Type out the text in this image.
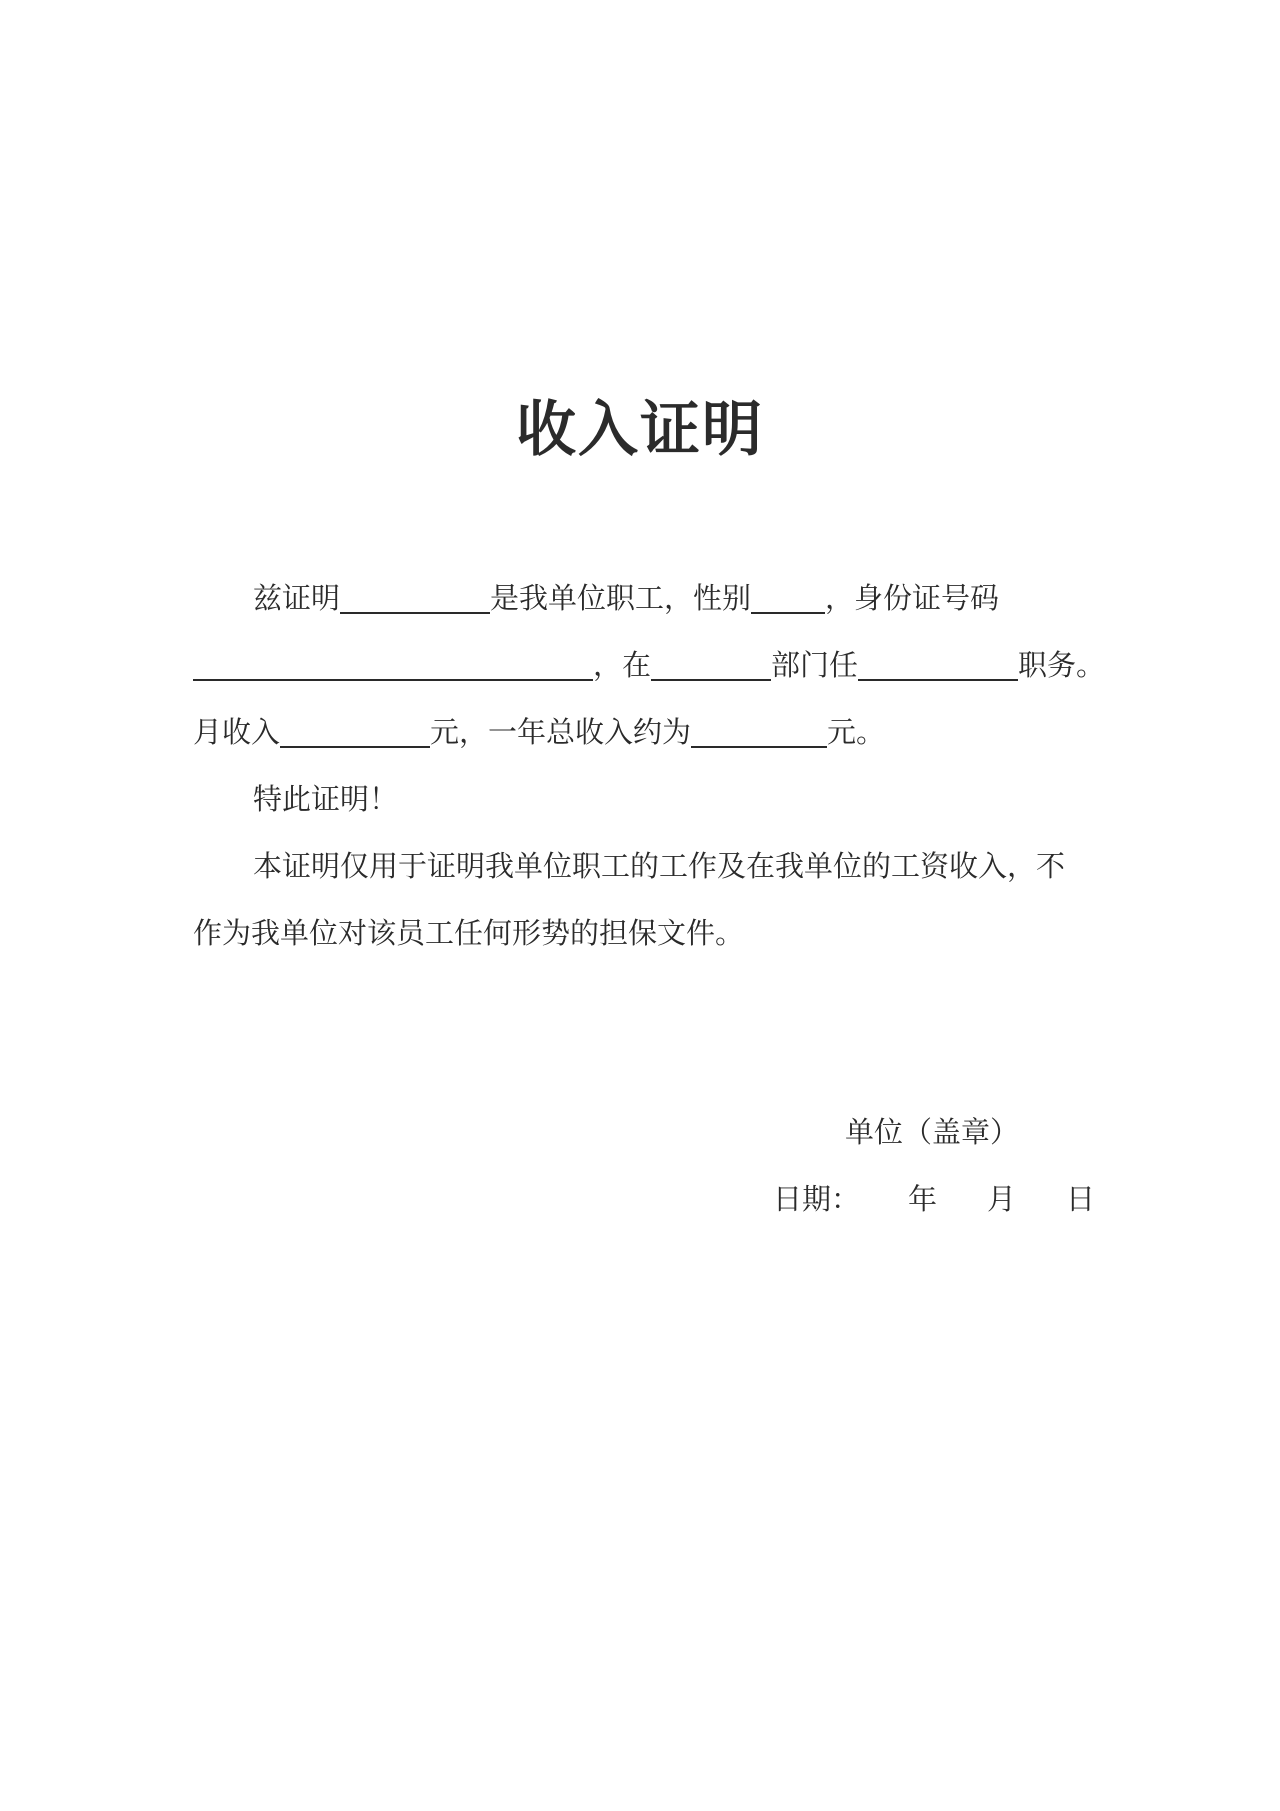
收入证明
兹证明	是我单位职工，性别	，身份证号码
，在	部门任	职务。
月收入	元，一年总收入约为	元。
特此证明！
本证明仅用于证明我单位职工的工作及在我单位的工资收入，不
作为我单位对该员工任何形势的担保文件。
单位（盖章）
日期： 年 月 日
